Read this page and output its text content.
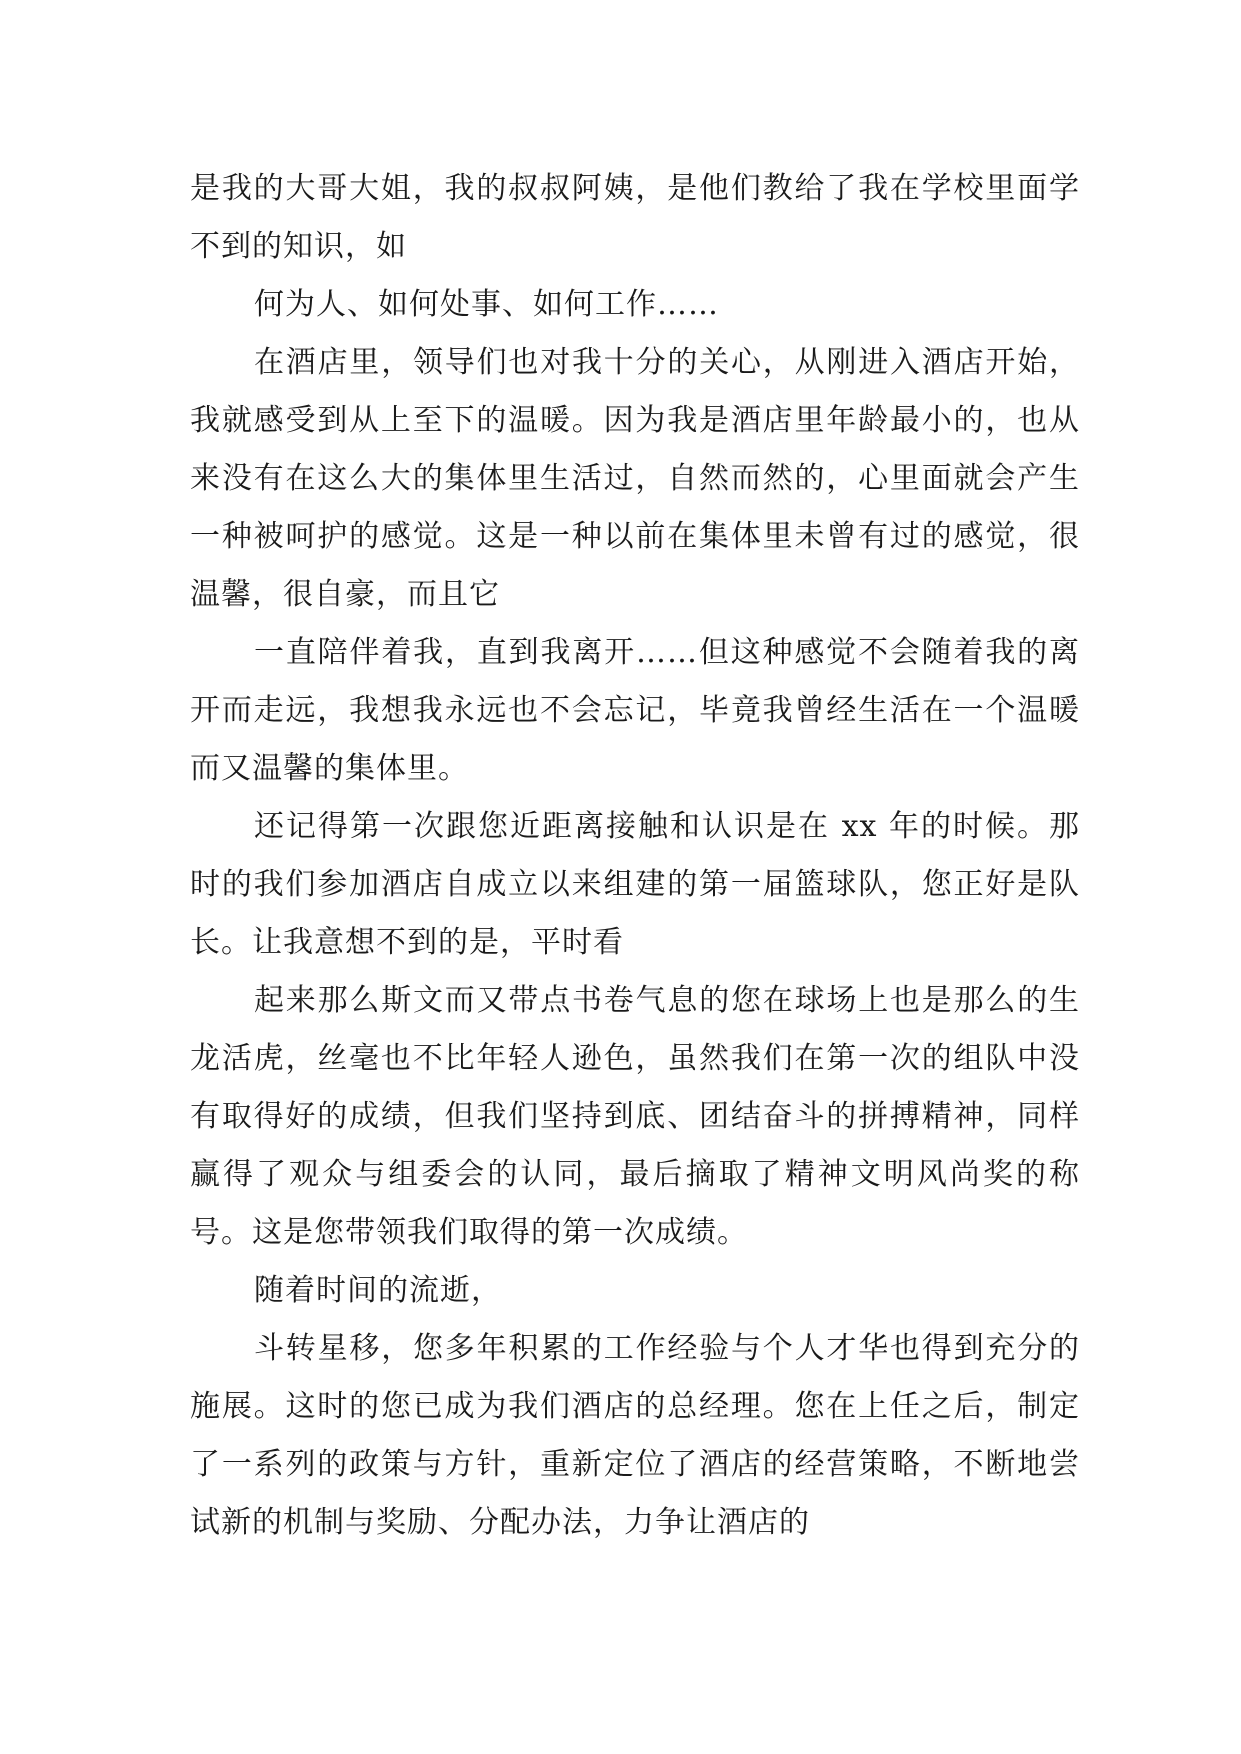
是我的大哥大姐，我的叔叔阿姨，是他们教给了我在学校里面学不到的知识，如

何为人、如何处事、如何工作……

在酒店里，领导们也对我十分的关心，从刚进入酒店开始，我就感受到从上至下的温暖。因为我是酒店里年龄最小的，也从来没有在这么大的集体里生活过，自然而然的，心里面就会产生一种被呵护的感觉。这是一种以前在集体里未曾有过的感觉，很温馨，很自豪，而且它

一直陪伴着我，直到我离开……但这种感觉不会随着我的离开而走远，我想我永远也不会忘记，毕竟我曾经生活在一个温暖而又温馨的集体里。

还记得第一次跟您近距离接触和认识是在 xx 年的时候。那时的我们参加酒店自成立以来组建的第一届篮球队，您正好是队长。让我意想不到的是，平时看

起来那么斯文而又带点书卷气息的您在球场上也是那么的生龙活虎，丝毫也不比年轻人逊色，虽然我们在第一次的组队中没有取得好的成绩，但我们坚持到底、团结奋斗的拼搏精神，同样赢得了观众与组委会的认同，最后摘取了精神文明风尚奖的称号。这是您带领我们取得的第一次成绩。

随着时间的流逝，

斗转星移，您多年积累的工作经验与个人才华也得到充分的施展。这时的您已成为我们酒店的总经理。您在上任之后，制定了一系列的政策与方针，重新定位了酒店的经营策略，不断地尝试新的机制与奖励、分配办法，力争让酒店的
